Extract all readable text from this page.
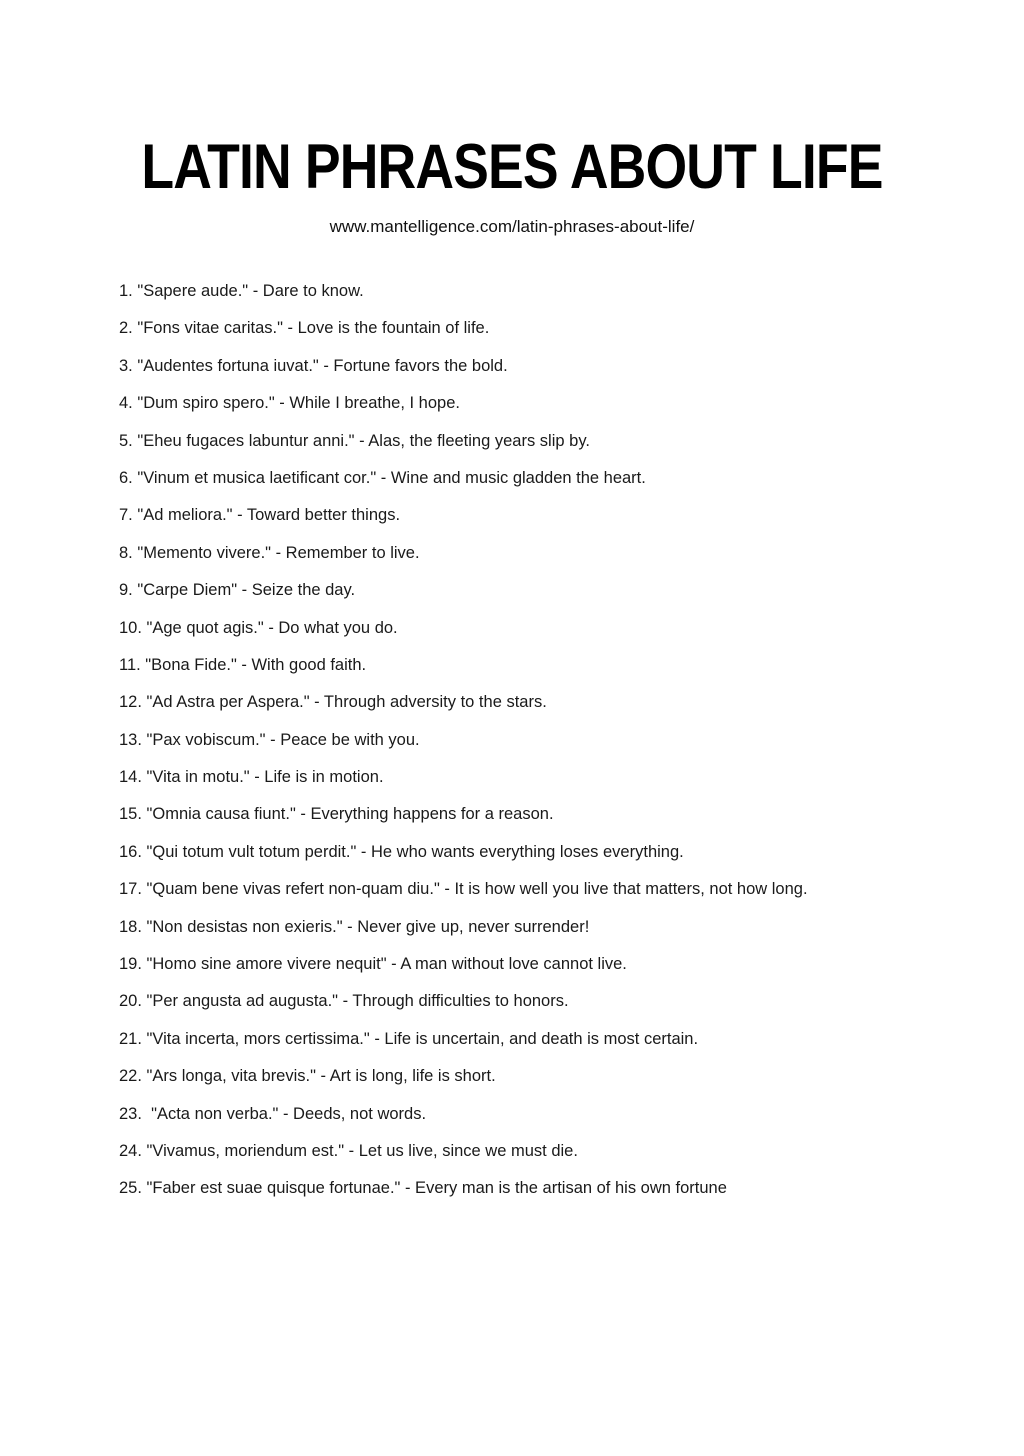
LATIN PHRASES ABOUT LIFE

www.mantelligence.com/latin-phrases-about-life/

1. "Sapere aude." - Dare to know.
2. "Fons vitae caritas." - Love is the fountain of life.
3. "Audentes fortuna iuvat." - Fortune favors the bold.
4. "Dum spiro spero." - While I breathe, I hope.
5. "Eheu fugaces labuntur anni." - Alas, the fleeting years slip by.
6. "Vinum et musica laetificant cor." - Wine and music gladden the heart.
7. "Ad meliora." - Toward better things.
8. "Memento vivere." - Remember to live.
9. "Carpe Diem" - Seize the day.
10. "Age quot agis." - Do what you do.
11. "Bona Fide." - With good faith.
12. "Ad Astra per Aspera." - Through adversity to the stars.
13. "Pax vobiscum." - Peace be with you.
14. "Vita in motu." - Life is in motion.
15. "Omnia causa fiunt." - Everything happens for a reason.
16. "Qui totum vult totum perdit." - He who wants everything loses everything.
17. "Quam bene vivas refert non-quam diu." - It is how well you live that matters, not how long.
18. "Non desistas non exieris." - Never give up, never surrender!
19. "Homo sine amore vivere nequit" - A man without love cannot live.
20. "Per angusta ad augusta." - Through difficulties to honors.
21. "Vita incerta, mors certissima." - Life is uncertain, and death is most certain.
22. "Ars longa, vita brevis." - Art is long, life is short.
23.  "Acta non verba." - Deeds, not words.
24. "Vivamus, moriendum est." - Let us live, since we must die.
25. "Faber est suae quisque fortunae." - Every man is the artisan of his own fortune
